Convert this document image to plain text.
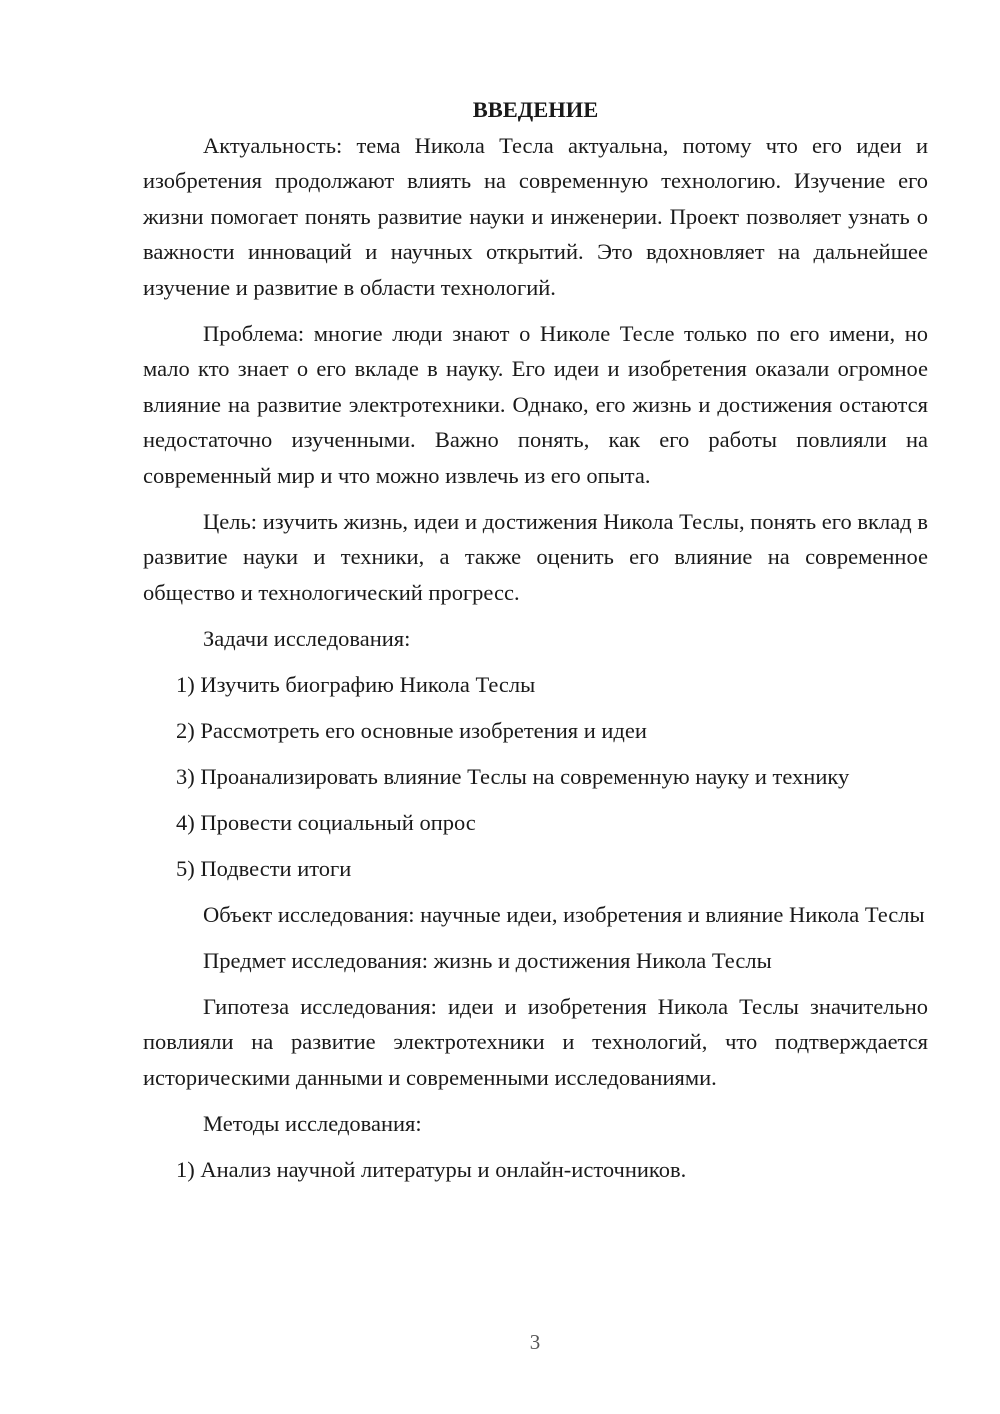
ВВЕДЕНИЕ

Актуальность: тема Никола Тесла актуальна, потому что его идеи и изобретения продолжают влиять на современную технологию. Изучение его жизни помогает понять развитие науки и инженерии. Проект позволяет узнать о важности инноваций и научных открытий. Это вдохновляет на дальнейшее изучение и развитие в области технологий.

Проблема: многие люди знают о Николе Тесле только по его имени, но мало кто знает о его вкладе в науку. Его идеи и изобретения оказали огромное влияние на развитие электротехники. Однако, его жизнь и достижения остаются недостаточно изученными. Важно понять, как его работы повлияли на современный мир и что можно извлечь из его опыта.

Цель: изучить жизнь, идеи и достижения Никола Теслы, понять его вклад в развитие науки и техники, а также оценить его влияние на современное общество и технологический прогресс.

Задачи исследования:

1) Изучить биографию Никола Теслы

2) Рассмотреть его основные изобретения и идеи

3) Проанализировать влияние Теслы на современную науку и технику

4) Провести социальный опрос

5) Подвести итоги

Объект исследования: научные идеи, изобретения и влияние Никола Теслы

Предмет исследования: жизнь и достижения Никола Теслы

Гипотеза исследования: идеи и изобретения Никола Теслы значительно повлияли на развитие электротехники и технологий, что подтверждается историческими данными и современными исследованиями.

Методы исследования:

1) Анализ научной литературы и онлайн-источников.

3
